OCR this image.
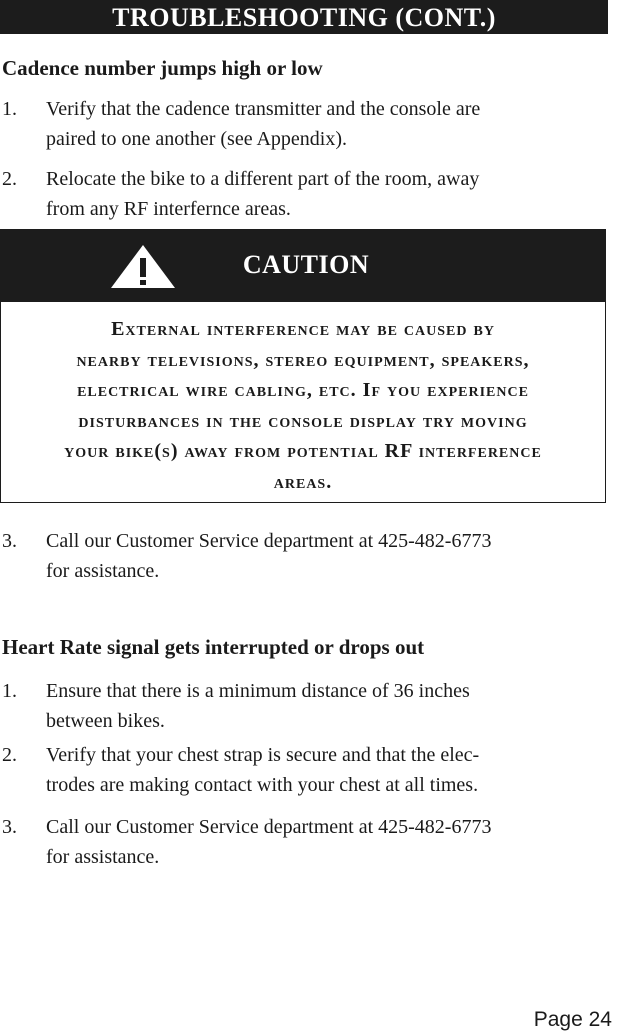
TROUBLESHOOTING (CONT.)
Cadence number jumps high or low
1. Verify that the cadence transmitter and the console are
paired to one another (see Appendix).
2. Relocate the bike to a different part of the room, away
from any RF interfernce areas.
CAUTION
External interference may be caused by
nearby televisions, stereo equipment, speakers,
electrical wire cabling, etc. If you experience
disturbances in the console display try moving
your bike(s) away from potential RF interference
areas.
3. Call our Customer Service department at 425-482-6773
for assistance.
Heart Rate signal gets interrupted or drops out
1. Ensure that there is a minimum distance of 36 inches
between bikes.
2. Verify that your chest strap is secure and that the elec-
trodes are making contact with your chest at all times.
3. Call our Customer Service department at 425-482-6773
for assistance.
Page 24
